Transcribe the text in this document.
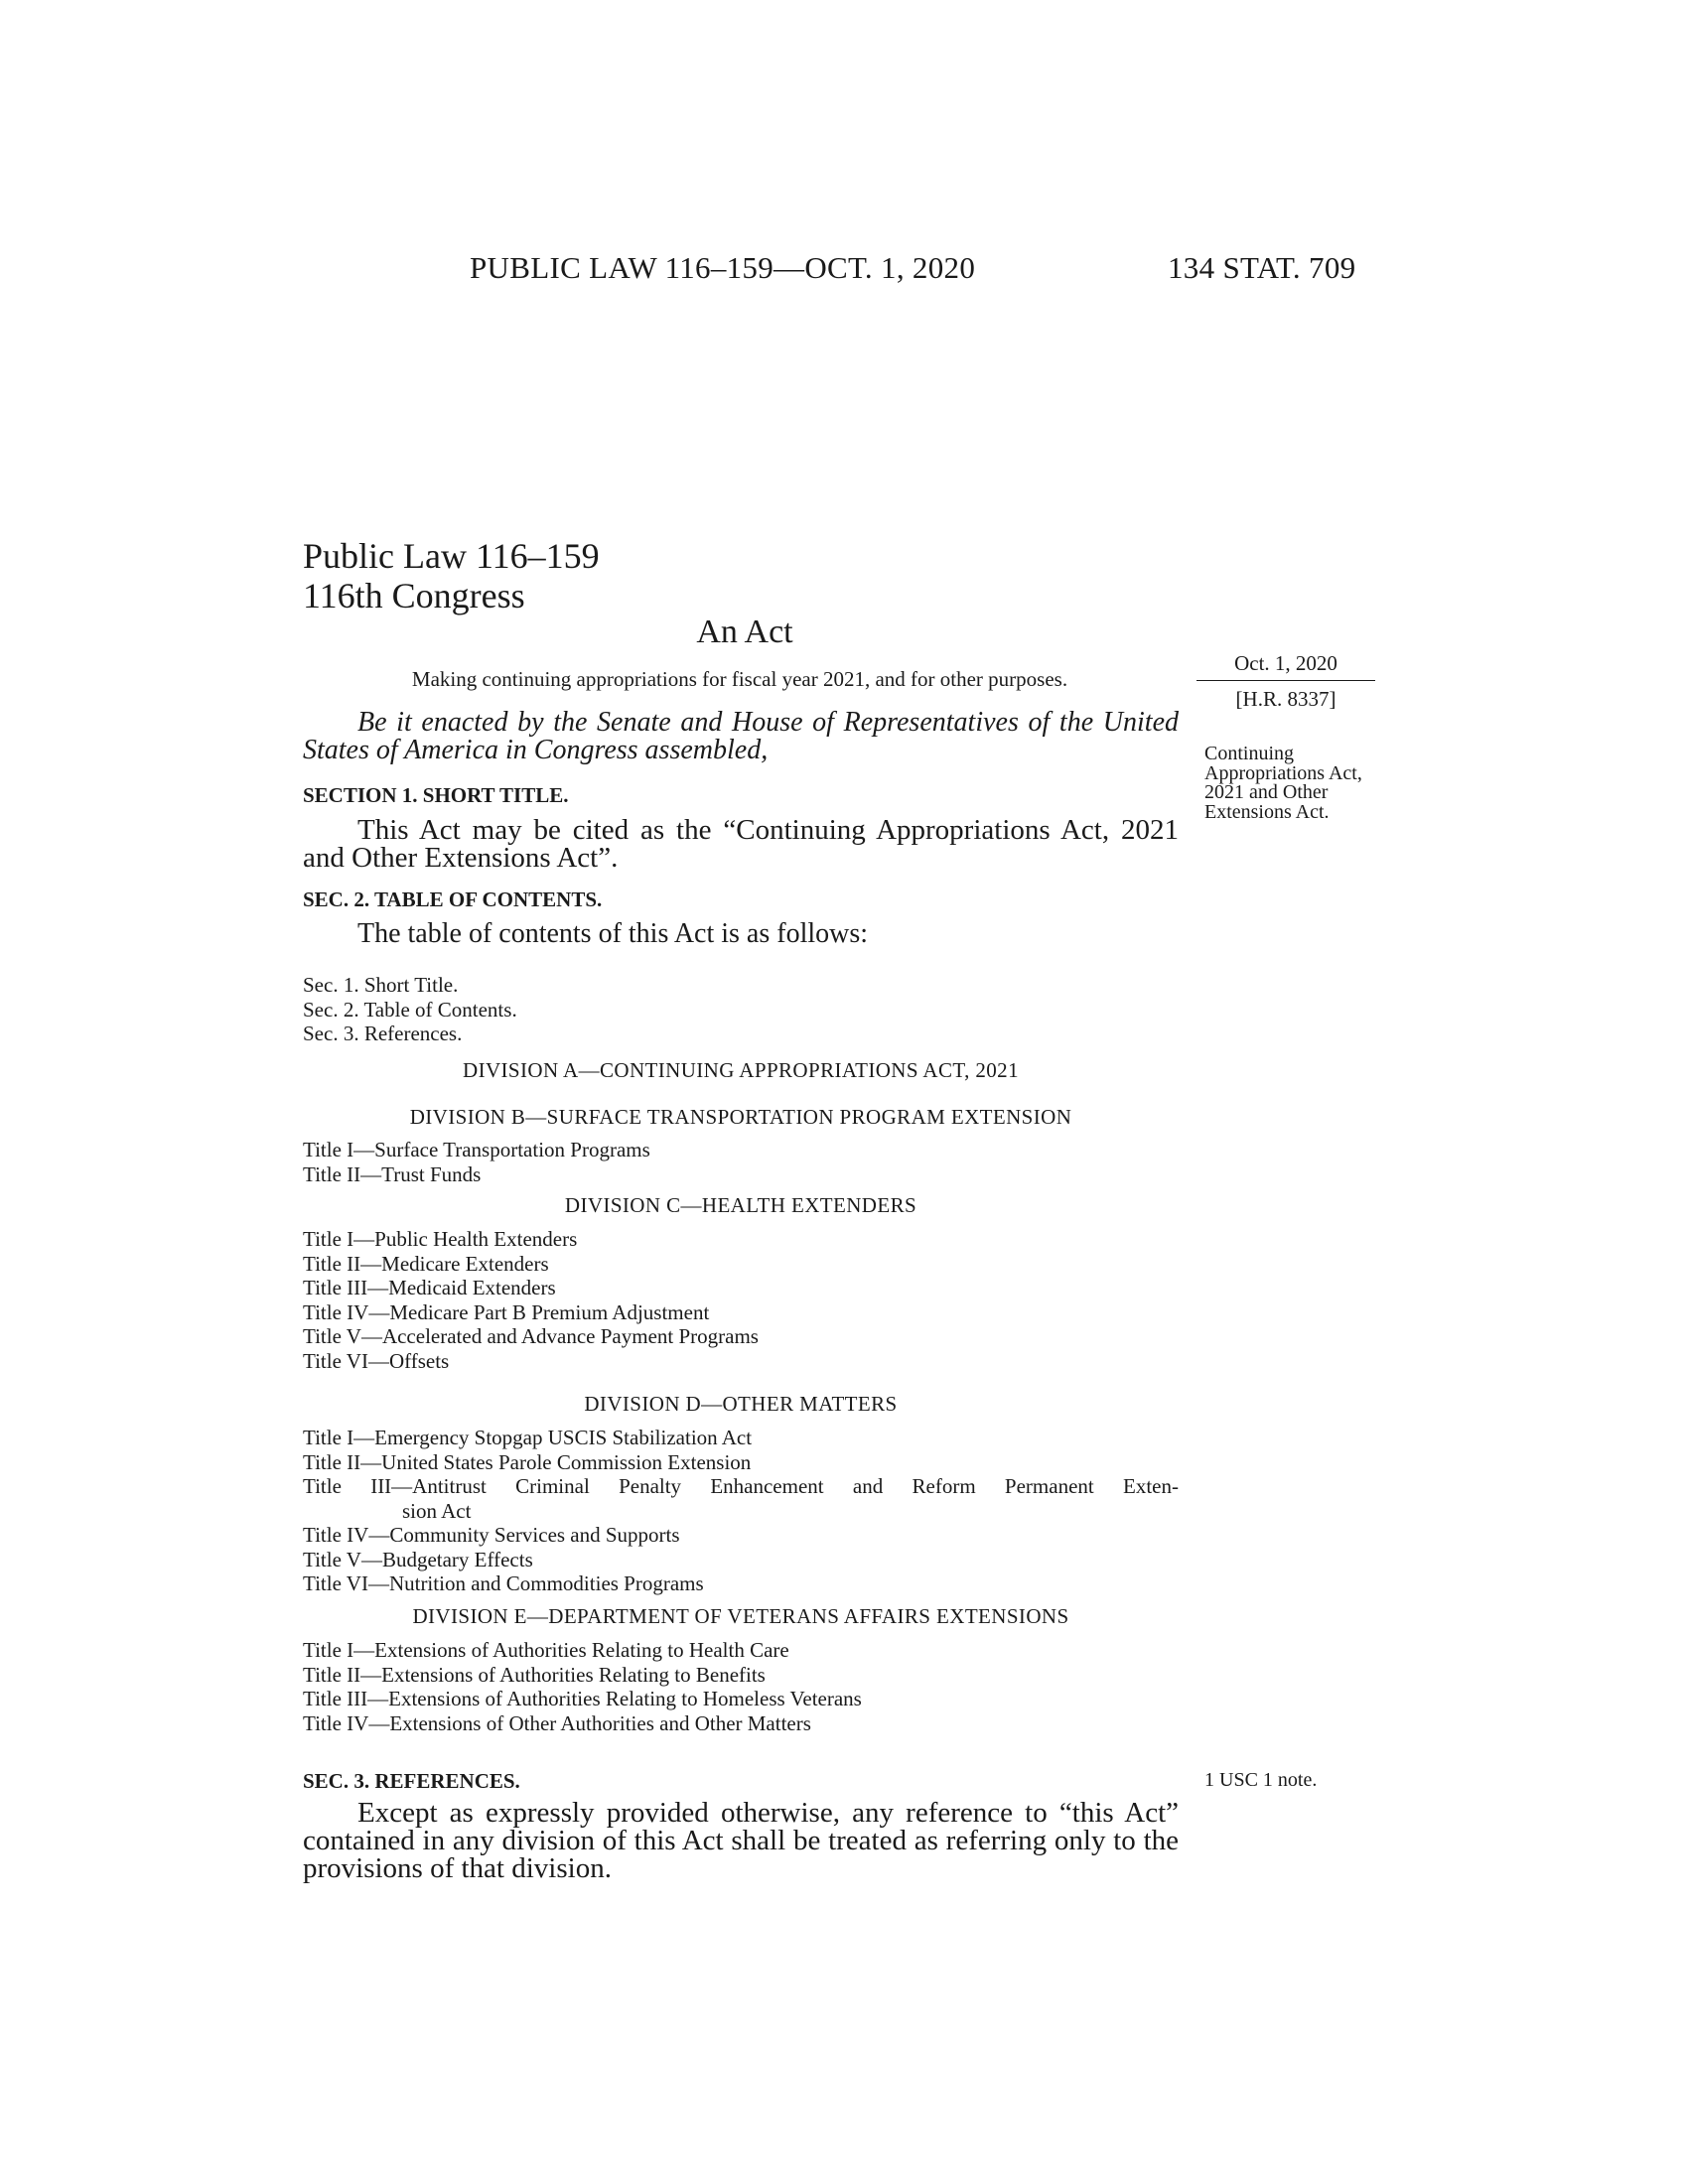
PUBLIC LAW 116–159—OCT. 1, 2020	134 STAT. 709
Public Law 116–159
116th Congress
An Act
Making continuing appropriations for fiscal year 2021, and for other purposes.
Oct. 1, 2020
[H.R. 8337]
Continuing Appropriations Act, 2021 and Other Extensions Act.
1 USC 1 note.
Be it enacted by the Senate and House of Representatives of the United States of America in Congress assembled,
SECTION 1. SHORT TITLE.
This Act may be cited as the “Continuing Appropriations Act, 2021 and Other Extensions Act”.
SEC. 2. TABLE OF CONTENTS.
The table of contents of this Act is as follows:
Sec. 1. Short Title.
Sec. 2. Table of Contents.
Sec. 3. References.
DIVISION A—CONTINUING APPROPRIATIONS ACT, 2021
DIVISION B—SURFACE TRANSPORTATION PROGRAM EXTENSION
Title I—Surface Transportation Programs
Title II—Trust Funds
DIVISION C—HEALTH EXTENDERS
Title I—Public Health Extenders
Title II—Medicare Extenders
Title III—Medicaid Extenders
Title IV—Medicare Part B Premium Adjustment
Title V—Accelerated and Advance Payment Programs
Title VI—Offsets
DIVISION D—OTHER MATTERS
Title I—Emergency Stopgap USCIS Stabilization Act
Title II—United States Parole Commission Extension
Title III—Antitrust Criminal Penalty Enhancement and Reform Permanent Exten-
sion Act
Title IV—Community Services and Supports
Title V—Budgetary Effects
Title VI—Nutrition and Commodities Programs
DIVISION E—DEPARTMENT OF VETERANS AFFAIRS EXTENSIONS
Title I—Extensions of Authorities Relating to Health Care
Title II—Extensions of Authorities Relating to Benefits
Title III—Extensions of Authorities Relating to Homeless Veterans
Title IV—Extensions of Other Authorities and Other Matters
SEC. 3. REFERENCES.
Except as expressly provided otherwise, any reference to “this Act” contained in any division of this Act shall be treated as referring only to the provisions of that division.
